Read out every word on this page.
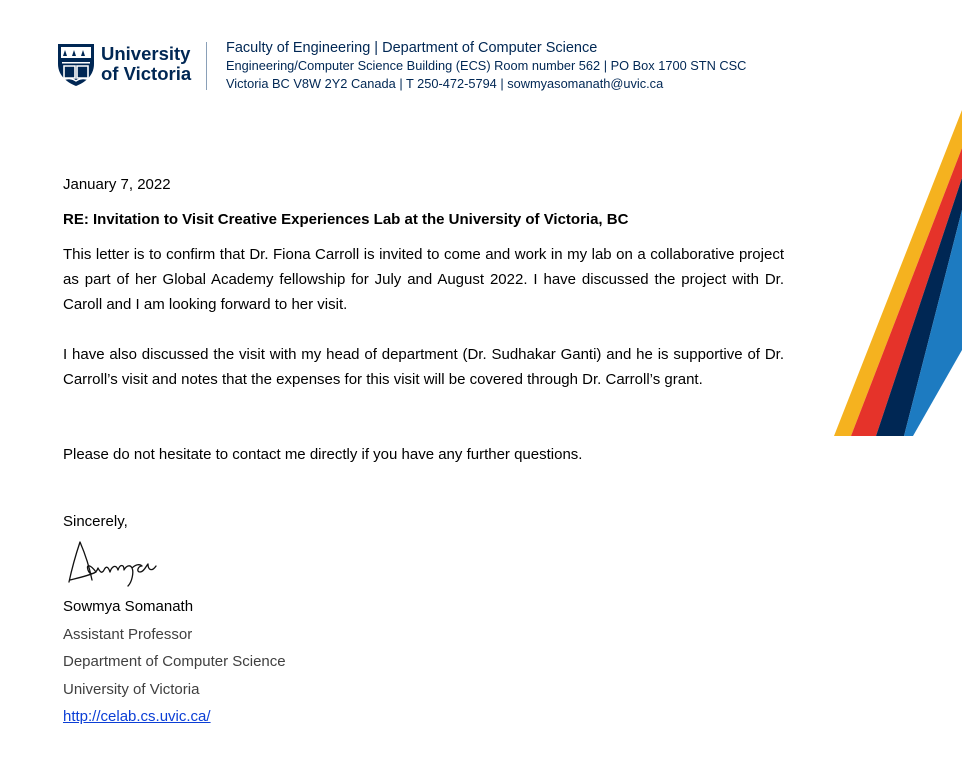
University
of Victoria
Faculty of Engineering | Department of Computer Science
Engineering/Computer Science Building (ECS) Room number 562 | PO Box 1700 STN CSC
Victoria BC V8W 2Y2 Canada | T 250-472-5794 | sowmyasomanath@uvic.ca
January 7, 2022
RE: Invitation to Visit Creative Experiences Lab at the University of Victoria, BC

This letter is to confirm that Dr. Fiona Carroll is invited to come and work in my lab on a collaborative project as part of her Global Academy fellowship for July and August 2022. I have discussed the project with Dr. Caroll and I am looking forward to her visit.

I have also discussed the visit with my head of department (Dr. Sudhakar Ganti) and he is supportive of Dr. Carroll’s visit and notes that the expenses for this visit will be covered through Dr. Carroll’s grant.

Please do not hesitate to contact me directly if you have any further questions.

Sincerely,
Sowmya Somanath
Assistant Professor
Department of Computer Science
University of Victoria
http://celab.cs.uvic.ca/
